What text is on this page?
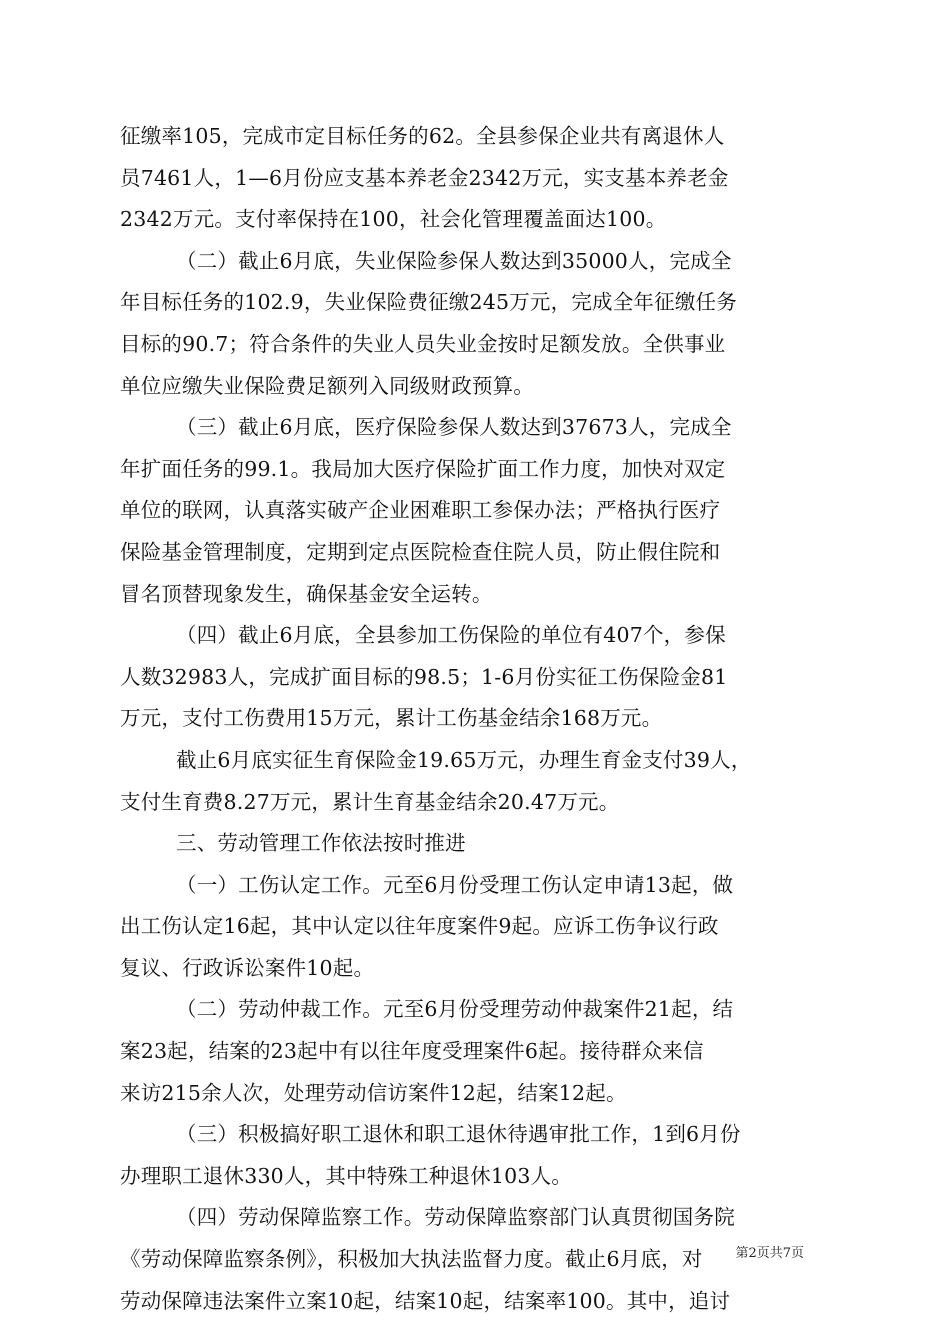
征缴率105，完成市定目标任务的62。全县参保企业共有离退休人
员7461人，1—6月份应支基本养老金2342万元，实支基本养老金
2342万元。支付率保持在100，社会化管理覆盖面达100。
（二）截止6月底，失业保险参保人数达到35000人，完成全
年目标任务的102.9，失业保险费征缴245万元，完成全年征缴任务
目标的90.7；符合条件的失业人员失业金按时足额发放。全供事业
单位应缴失业保险费足额列入同级财政预算。
（三）截止6月底，医疗保险参保人数达到37673人，完成全
年扩面任务的99.1。我局加大医疗保险扩面工作力度，加快对双定
单位的联网，认真落实破产企业困难职工参保办法；严格执行医疗
保险基金管理制度，定期到定点医院检查住院人员，防止假住院和
冒名顶替现象发生，确保基金安全运转。
（四）截止6月底，全县参加工伤保险的单位有407个，参保
人数32983人，完成扩面目标的98.5；1-6月份实征工伤保险金81
万元，支付工伤费用15万元，累计工伤基金结余168万元。
截止6月底实征生育保险金19.65万元，办理生育金支付39人，
支付生育费8.27万元，累计生育基金结余20.47万元。
三、劳动管理工作依法按时推进
（一）工伤认定工作。元至6月份受理工伤认定申请13起，做
出工伤认定16起，其中认定以往年度案件9起。应诉工伤争议行政
复议、行政诉讼案件10起。
（二）劳动仲裁工作。元至6月份受理劳动仲裁案件21起，结
案23起，结案的23起中有以往年度受理案件6起。接待群众来信
来访215余人次，处理劳动信访案件12起，结案12起。
（三）积极搞好职工退休和职工退休待遇审批工作，1到6月份
办理职工退休330人，其中特殊工种退休103人。
（四）劳动保障监察工作。劳动保障监察部门认真贯彻国务院
《劳动保障监察条例》，积极加大执法监督力度。截止6月底，对
劳动保障违法案件立案10起，结案10起，结案率100。其中，追讨
第2页共7页
